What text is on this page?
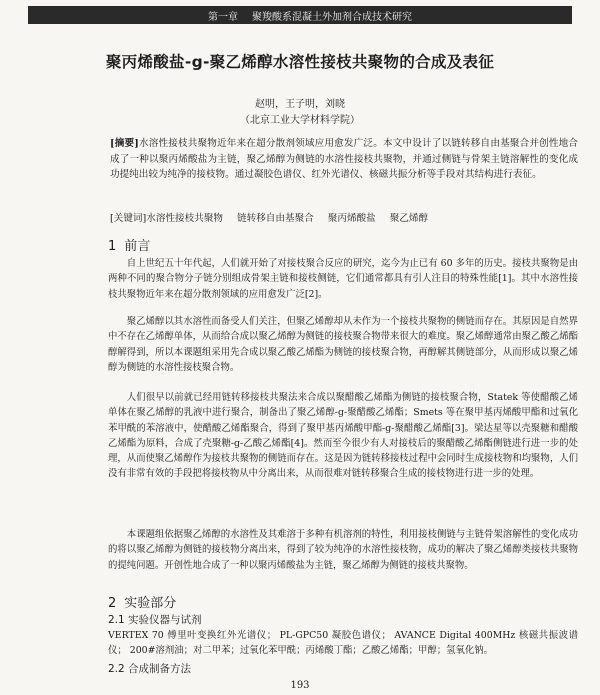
第一章 聚羧酸系混凝土外加剂合成技术研究
聚丙烯酸盐-g-聚乙烯醇水溶性接枝共聚物的合成及表征
赵明，王子明，刘晓
（北京工业大学材料学院）
[摘要]水溶性接枝共聚物近年来在超分散剂领域应用愈发广泛。本文中设计了以链转移自由基聚合并创性地合成了一种以聚丙烯酸盐为主链，聚乙烯醇为侧链的水溶性接枝共聚物，并通过侧链与骨架主链溶解性的变化成功提纯出较为纯净的接枝物。通过凝胶色谱仪、红外光谱仪、核磁共振分析等手段对其结构进行表征。
[关键词]水溶性接枝共聚物 链转移自由基聚合 聚丙烯酸盐 聚乙烯醇
1 前言
自上世纪五十年代起，人们就开始了对接枝聚合反应的研究，迄今为止已有 60 多年的历史。接枝共聚物是由两种不同的聚合物分子链分别组成骨架主链和接枝侧链，它们通常都具有引人注目的特殊性能[1]。其中水溶性接枝共聚物近年来在超分散剂领域的应用愈发广泛[2]。
聚乙烯醇以其水溶性而备受人们关注，但聚乙烯醇却从未作为一个接枝共聚物的侧链而存在。其原因是自然界中不存在乙烯醇单体，从而给合成以聚乙烯醇为侧链的接枝聚合物带来很大的难度。聚乙烯醇通常由聚乙酸乙烯酯醇解得到，所以本课题组采用先合成以聚乙酸乙烯酯为侧链的接枝聚合物，再醇解其侧链部分，从而形成以聚乙烯醇为侧链的水溶性接枝聚合物。
人们很早以前就已经用链转移接枝共聚法来合成以聚醋酸乙烯酯为侧链的接枝聚合物，Statek 等使醋酸乙烯单体在聚乙烯醇的乳液中进行聚合，制备出了聚乙烯醇-g-聚醋酸乙烯酯；Smets 等在聚甲基丙烯酸甲酯和过氧化苯甲酰的苯溶液中，使醋酸乙烯酯聚合，得到了聚甲基丙烯酸甲酯-g-聚醋酸乙烯酯[3]。梁达星等以壳聚糖和醋酸乙烯酯为原料，合成了壳聚糖-g-乙酸乙烯酯[4]。然而至今很少有人对接枝后的聚醋酸乙烯酯侧链进行进一步的处理，从而使聚乙烯醇作为接枝共聚物的侧链而存在。这是因为链转移接枝过程中会同时生成接枝物和均聚物，人们没有非常有效的手段把将接枝物从中分离出来，从而很难对链转移聚合生成的接枝物进行进一步的处理。
本课题组依据聚乙烯醇的水溶性及其难溶于多种有机溶剂的特性，利用接枝侧链与主链骨架溶解性的变化成功的将以聚乙烯醇为侧链的接枝物分离出来，得到了较为纯净的水溶性接枝物，成功的解决了聚乙烯醇类接枝共聚物的提纯问题。开创性地合成了一种以聚丙烯酸盐为主链，聚乙烯醇为侧链的接枝共聚物。
2 实验部分
2.1 实验仪器与试剂
VERTEX 70 傅里叶变换红外光谱仪； PL-GPC50 凝胶色谱仪； AVANCE Digital 400MHz 核磁共振波谱仪； 200#溶剂油；对二甲苯；过氧化苯甲酰；丙烯酸丁酯；乙酸乙烯酯；甲醇；氢氧化钠。
2.2 合成制备方法
193
